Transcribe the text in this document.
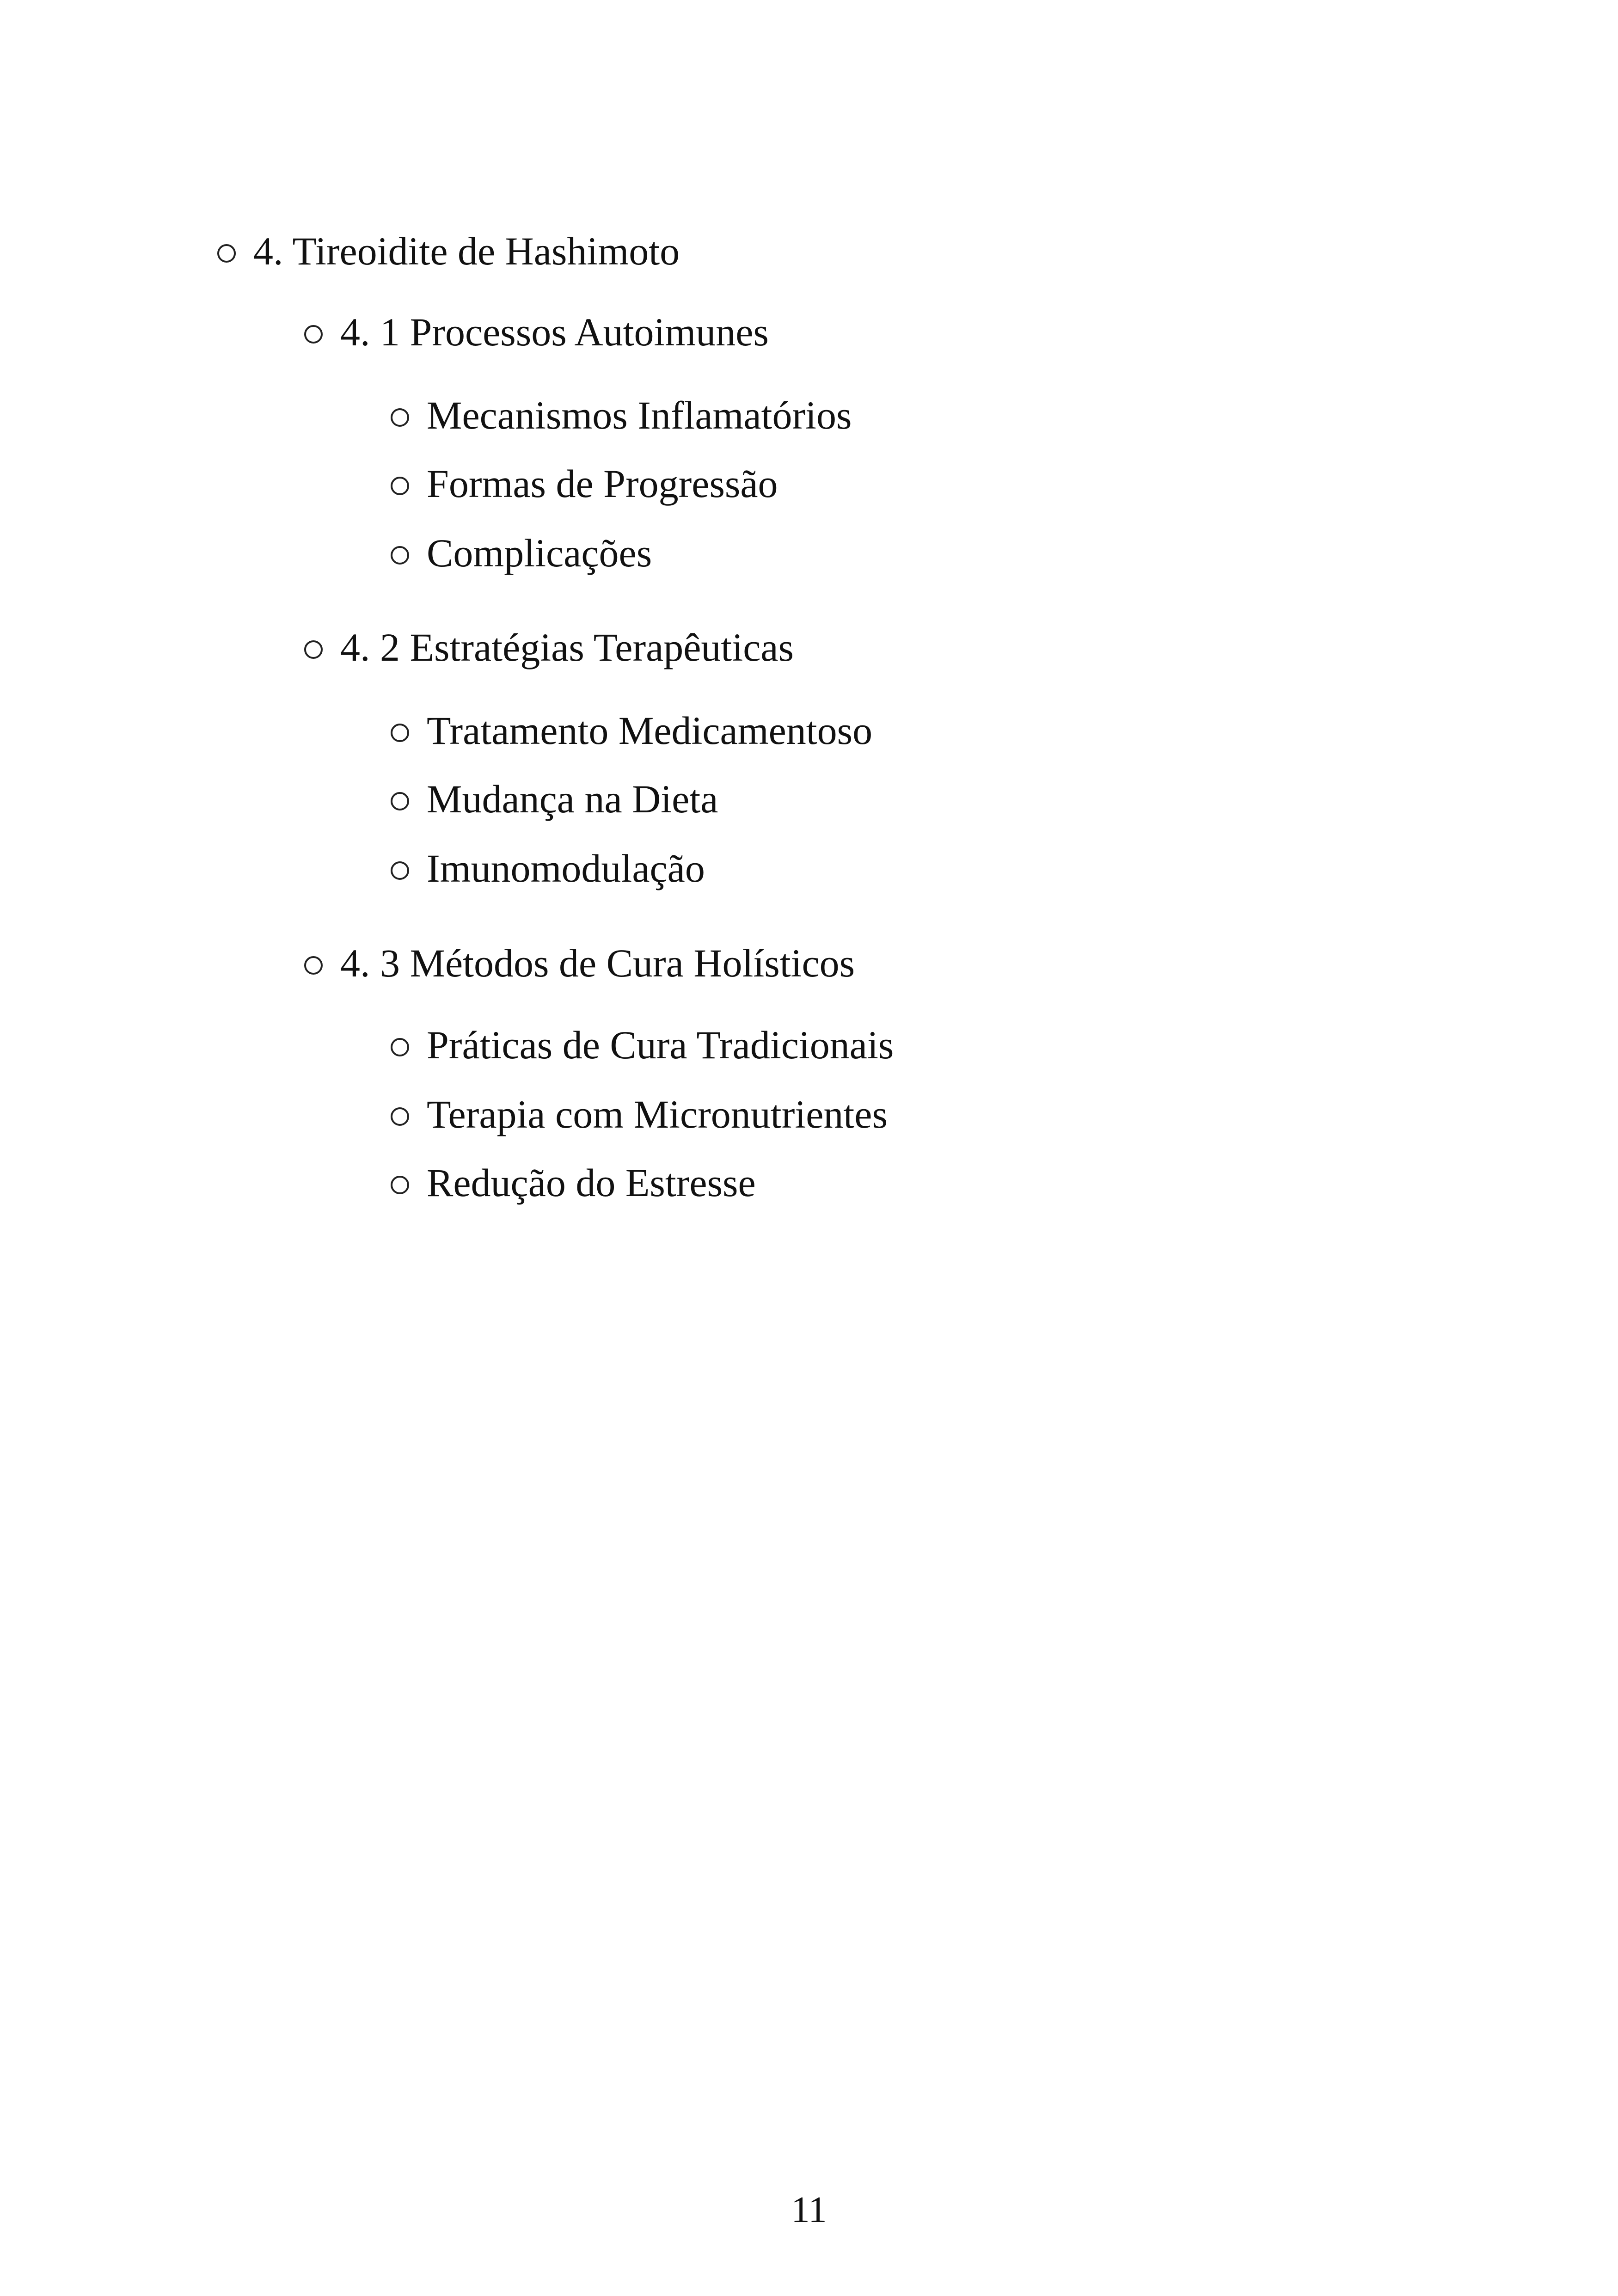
4. Tireoidite de Hashimoto
4. 1 Processos Autoimunes
Mecanismos Inflamatórios
Formas de Progressão
Complicações
4. 2 Estratégias Terapêuticas
Tratamento Medicamentoso
Mudança na Dieta
Imunomodulação
4. 3 Métodos de Cura Holísticos
Práticas de Cura Tradicionais
Terapia com Micronutrientes
Redução do Estresse
11
